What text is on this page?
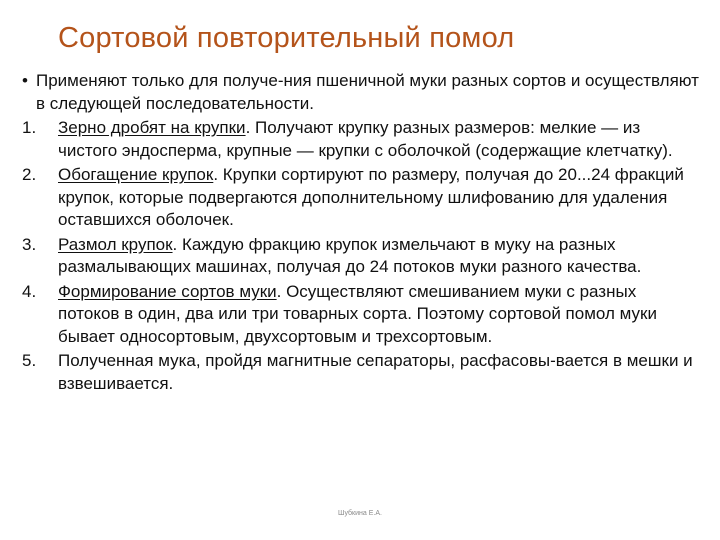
Сортовой повторительный помол
• Применяют только для получе-ния пшеничной муки разных сортов и осуществляют в следующей последовательности.
1.	Зерно дробят на крупки. Получают крупку разных размеров: мелкие — из чистого эндосперма, крупные — крупки с оболочкой (содержащие клетчатку).
2.	Обогащение крупок. Крупки сортируют по размеру, получая до 20...24 фракций крупок, которые подвергаются дополнительному шлифованию для удаления оставшихся оболочек.
3.	Размол крупок. Каждую фракцию крупок измельчают в муку на разных размалывающих машинах, получая до 24 потоков муки разного качества.
4.	Формирование сортов муки. Осуществляют смешиванием муки с разных потоков в один, два или три товарных сорта. Поэтому сортовой помол муки бывает односортовым, двухсортовым и трехсортовым.
5.	Полученная мука, пройдя магнитные сепараторы, расфасовы-вается в мешки и взвешивается.
Шубкина Е.А.
